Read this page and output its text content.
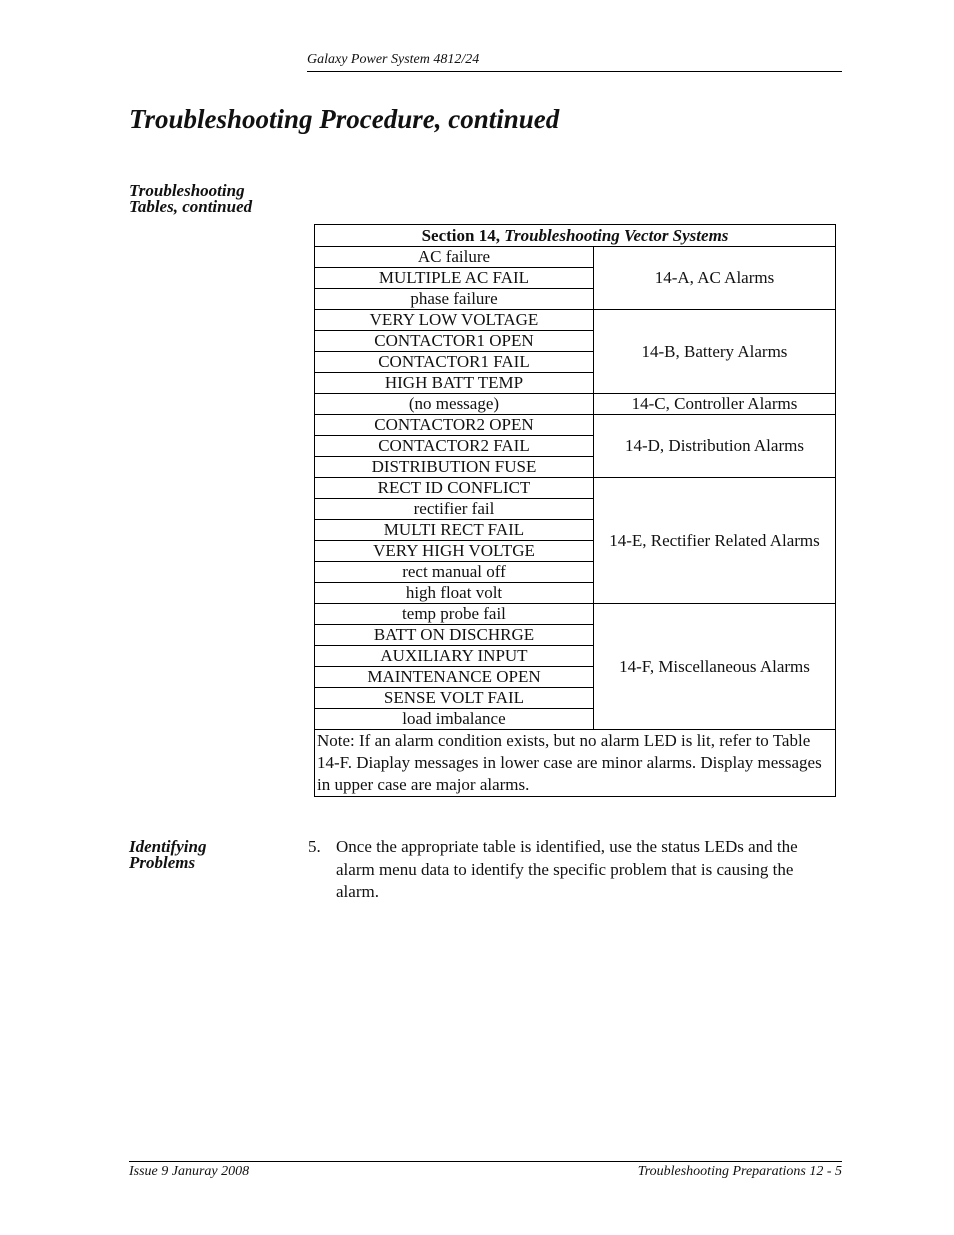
Galaxy Power System 4812/24
Troubleshooting Procedure, continued
Troubleshooting
Tables, continued
Section 14, Troubleshooting Vector Systems	
AC failure	14-A, AC Alarms
MULTIPLE AC FAIL	
phase failure	
VERY LOW VOLTAGE	14-B, Battery Alarms
CONTACTOR1 OPEN	
CONTACTOR1 FAIL	
HIGH BATT TEMP	
(no message)	14-C, Controller Alarms
CONTACTOR2 OPEN	14-D, Distribution Alarms
CONTACTOR2 FAIL	
DISTRIBUTION FUSE	
RECT ID CONFLICT	14-E, Rectifier Related Alarms
rectifier fail	
MULTI RECT FAIL	
VERY HIGH VOLTGE	
rect manual off	
high float volt	
temp probe fail	14-F, Miscellaneous Alarms
BATT ON DISCHRGE	
AUXILIARY INPUT	
MAINTENANCE OPEN	
SENSE VOLT FAIL	
load imbalance	
Note: If an alarm condition exists, but no alarm LED is lit, refer to Table 14-F. Diaplay messages in lower case are minor alarms. Display messages in upper case are major alarms.	
Identifying
Problems
5. Once the appropriate table is identified, use the status LEDs and the alarm menu data to identify the specific problem that is causing the alarm.
Issue 9 Januray 2008	Troubleshooting Preparations 12 - 5
